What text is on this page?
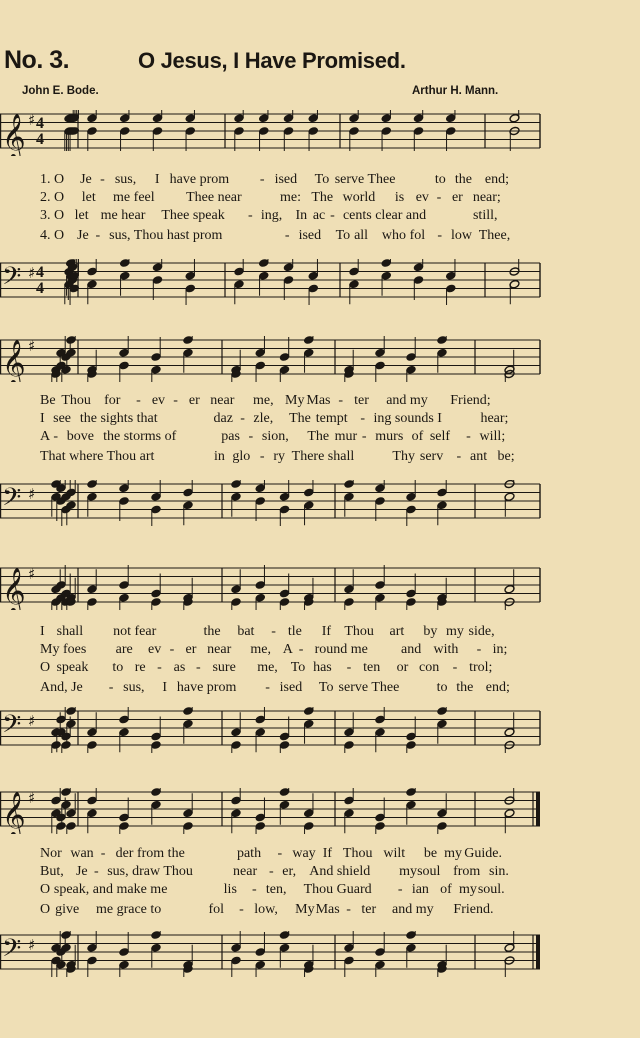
No. 3.	O Jesus, I Have Promised.
John E. Bode.	Arthur H. Mann.
𝄞 ♯ 4
4
𝄞 ♯
𝄞 ♯
𝄞 ♯
𝄢 ♯ 4
4
𝄢 ♯
𝄢 ♯
𝄢 ♯
1. O Je - sus, I have prom - ised To serve Thee	to the end;
2. O let me feel Thee near	me: The world is ev - er near;
3. O let me hear Thee speak - ing, In ac - cents clear and	still,
4. O Je - sus, Thou hast prom	- ised To all who fol - low Thee,
Be Thou for - ev - er near me, My Mas - ter and my Friend;
I see the sights that	daz - zle, The tempt - ing sounds I	hear;
A - bove the storms of	pas - sion, The mur - murs of self - will;
That where Thou art	in glo - ry There shall	Thy serv - ant be;
I shall not fear	the bat - tle If Thou art by my side,
My foes are ev - er near me, A - round me and with - in;
O speak to re - as - sure me, To has - ten or con - trol;
And, Je - sus, I have prom - ised To serve Thee	to the end;
Nor wan - der from the	path - way If Thou wilt be my Guide.
But, Je - sus, draw Thou	near - er, And shield my soul from sin.
O speak, and make me	lis - ten, Thou Guard - ian of my soul.
O give me grace to	fol - low, My Mas - ter and my Friend.
